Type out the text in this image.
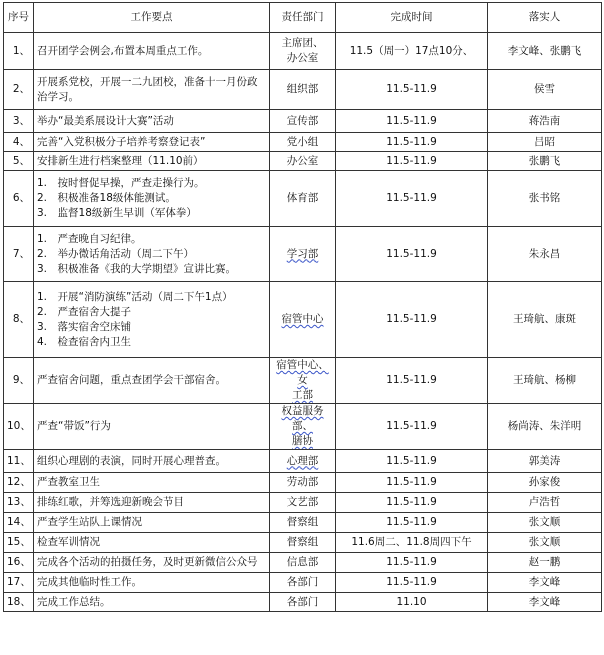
序号	工作要点	责任部门	完成时间	落实人
1、	召开团学会例会,布置本周重点工作。	主席团、
办公室	11.5（周一）17点10分、	李文峰、张鹏飞
2、	开展系党校，开展一二九团校，准备十一月份政
治学习。	组织部	11.5-11.9	侯雪
3、	举办“最美系展设计大赛”活动	宣传部	11.5-11.9	蒋浩南
4、	完善“入党积极分子培养考察登记表”	党小组	11.5-11.9	吕昭
5、	安排新生进行档案整理（11.10前）	办公室	11.5-11.9	张鹏飞
6、	1.　按时督促早操，严查走操行为。
2.　积极准备18级体能测试。
3.　监督18级新生早训（军体拳）	体育部	11.5-11.9	张书铭
7、	1.　严查晚自习纪律。
2.　举办微话角活动（周二下午）
3.　积极准备《我的大学期望》宣讲比赛。	学习部	11.5-11.9	朱永昌
8、	1.　开展“消防演练”活动（周二下午1点）
2.　严查宿舍大提子
3.　落实宿舍空床铺
4.　检查宿舍内卫生	宿管中心	11.5-11.9	王琦航、康斑
9、	严查宿舍问题，重点查团学会干部宿舍。	宿管中心、女
工部	11.5-11.9	王琦航、杨柳
10、	严查“带饭”行为	权益服务部、
膳协	11.5-11.9	杨尚涛、朱洋明
11、	组织心理剧的表演，同时开展心理普查。	心理部	11.5-11.9	郭美涛
12、	严查教室卫生	劳动部	11.5-11.9	孙家俊
13、	排练红歌，并筹选迎新晚会节目	文艺部	11.5-11.9	卢浩哲
14、	严查学生站队上课情况	督察组	11.5-11.9	张文顺
15、	检查军训情况	督察组	11.6周二、11.8周四下午	张文顺
16、	完成各个活动的拍摄任务，及时更新微信公众号	信息部	11.5-11.9	赵一鹏
17、	完成其他临时性工作。	各部门	11.5-11.9	李文峰
18、	完成工作总结。	各部门	11.10	李文峰
